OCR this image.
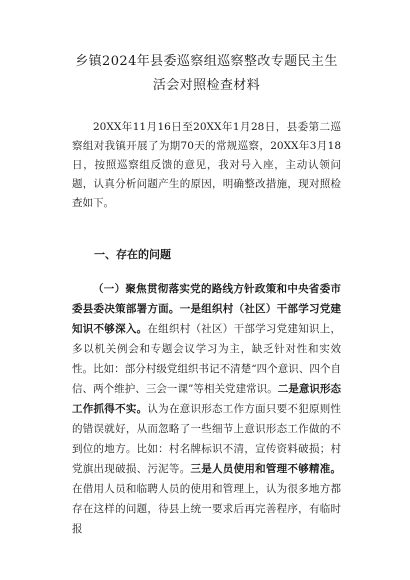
乡镇2024年县委巡察组巡察整改专题民主生活会对照检查材料

20XX年11月16日至20XX年1月28日，县委第二巡察组对我镇开展了为期70天的常规巡察，20XX年3月18日，按照巡察组反馈的意见，我对号入座，主动认领问题，认真分析问题产生的原因，明确整改措施，现对照检查如下。

一、存在的问题

（一）聚焦贯彻落实党的路线方针政策和中央省委市委县委决策部署方面。一是组织村（社区）干部学习党建知识不够深入。在组织村（社区）干部学习党建知识上，多以机关例会和专题会议学习为主，缺乏针对性和实效性。比如：部分村级党组织书记不清楚“四个意识、四个自信、两个维护、三会一课”等相关党建常识。二是意识形态工作抓得不实。认为在意识形态工作方面只要不犯原则性的错误就好，从而忽略了一些细节上意识形态工作做的不到位的地方。比如：村名牌标识不清，宣传资料破损；村党旗出现破损、污泥等。三是人员使用和管理不够精准。在借用人员和临聘人员的使用和管理上，认为很多地方都存在这样的问题，待县上统一要求后再完善程序，有临时报
